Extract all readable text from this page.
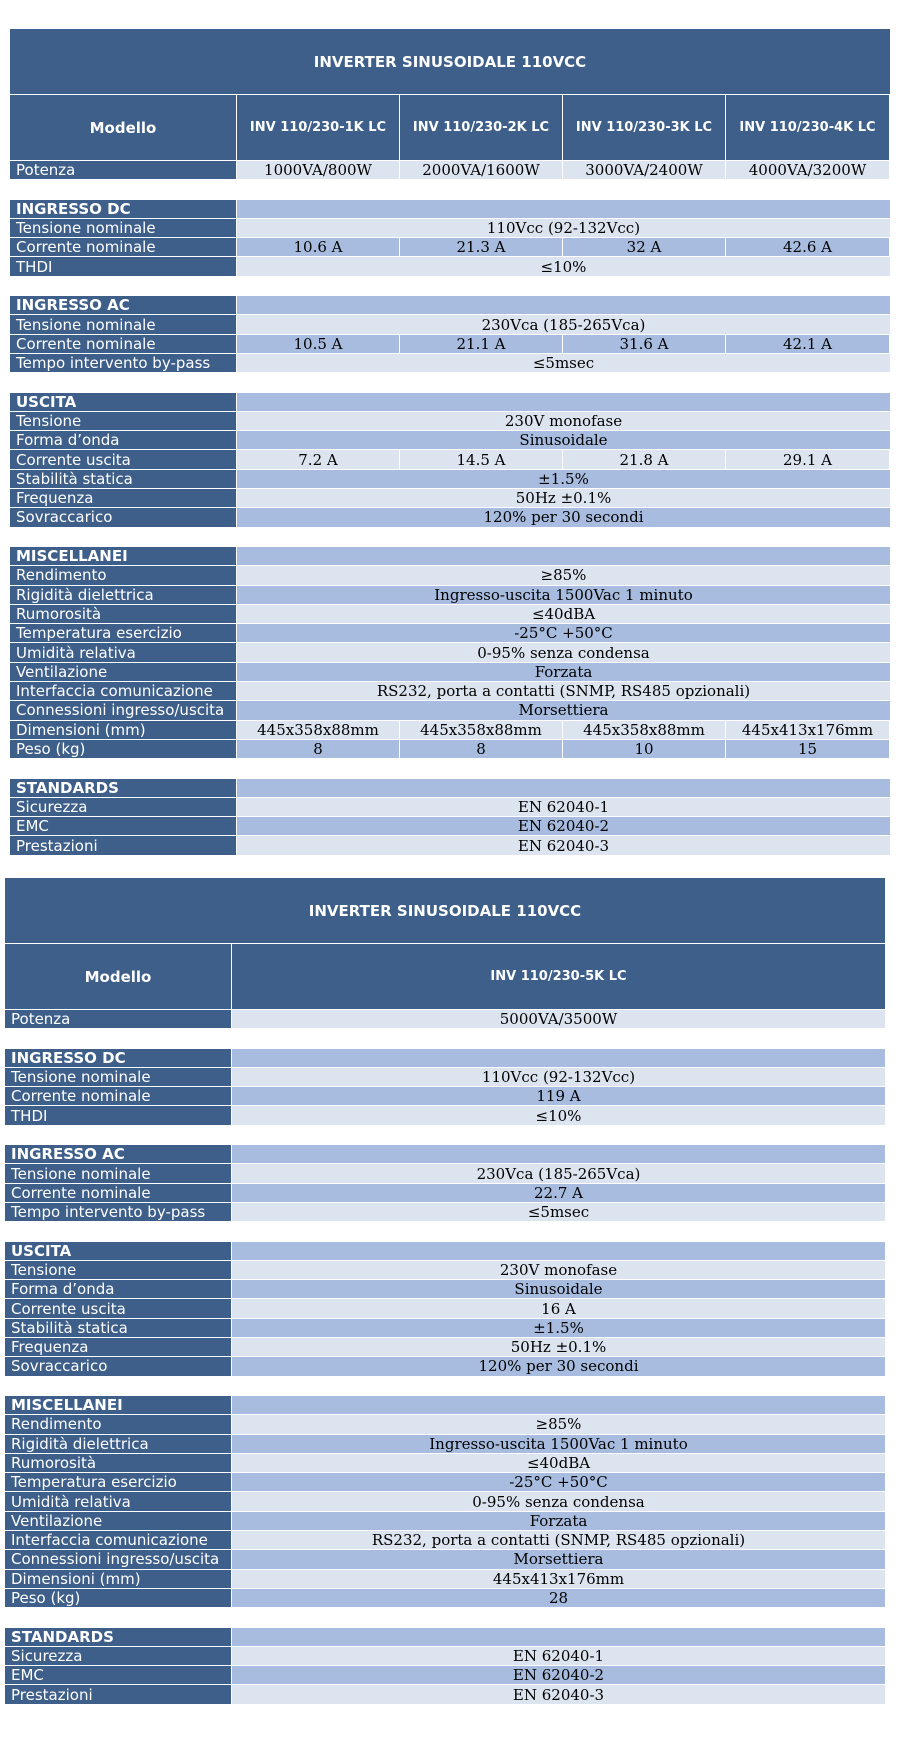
INVERTER SINUSOIDALE 110VCC
Modello	INV 110/230-1K LC	INV 110/230-2K LC	INV 110/230-3K LC	INV 110/230-4K LC
Potenza	1000VA/800W	2000VA/1600W	3000VA/2400W	4000VA/3200W
INGRESSO DC
Tensione nominale	110Vcc (92-132Vcc)
Corrente nominale	10.6 A	21.3 A	32 A	42.6 A
THDI	≤10%
INGRESSO AC
Tensione nominale	230Vca (185-265Vca)
Corrente nominale	10.5 A	21.1 A	31.6 A	42.1 A
Tempo intervento by-pass	≤5msec
USCITA
Tensione	230V monofase
Forma d’onda	Sinusoidale
Corrente uscita	7.2 A	14.5 A	21.8 A	29.1 A
Stabilità statica	±1.5%
Frequenza	50Hz ±0.1%
Sovraccarico	120% per 30 secondi
MISCELLANEI
Rendimento	≥85%
Rigidità dielettrica	Ingresso-uscita 1500Vac 1 minuto
Rumorosità	≤40dBA
Temperatura esercizio	-25°C +50°C
Umidità relativa	0-95% senza condensa
Ventilazione	Forzata
Interfaccia comunicazione	RS232, porta a contatti (SNMP, RS485 opzionali)
Connessioni ingresso/uscita	Morsettiera
Dimensioni (mm)	445x358x88mm	445x358x88mm	445x358x88mm	445x413x176mm
Peso (kg)	8	8	10	15
STANDARDS
Sicurezza	EN 62040-1
EMC	EN 62040-2
Prestazioni	EN 62040-3
INVERTER SINUSOIDALE 110VCC
Modello	INV 110/230-5K LC
Potenza	5000VA/3500W
INGRESSO DC
Tensione nominale	110Vcc (92-132Vcc)
Corrente nominale	119 A
THDI	≤10%
INGRESSO AC
Tensione nominale	230Vca (185-265Vca)
Corrente nominale	22.7 A
Tempo intervento by-pass	≤5msec
USCITA
Tensione	230V monofase
Forma d’onda	Sinusoidale
Corrente uscita	16 A
Stabilità statica	±1.5%
Frequenza	50Hz ±0.1%
Sovraccarico	120% per 30 secondi
MISCELLANEI
Rendimento	≥85%
Rigidità dielettrica	Ingresso-uscita 1500Vac 1 minuto
Rumorosità	≤40dBA
Temperatura esercizio	-25°C +50°C
Umidità relativa	0-95% senza condensa
Ventilazione	Forzata
Interfaccia comunicazione	RS232, porta a contatti (SNMP, RS485 opzionali)
Connessioni ingresso/uscita	Morsettiera
Dimensioni (mm)	445x413x176mm
Peso (kg)	28
STANDARDS
Sicurezza	EN 62040-1
EMC	EN 62040-2
Prestazioni	EN 62040-3
